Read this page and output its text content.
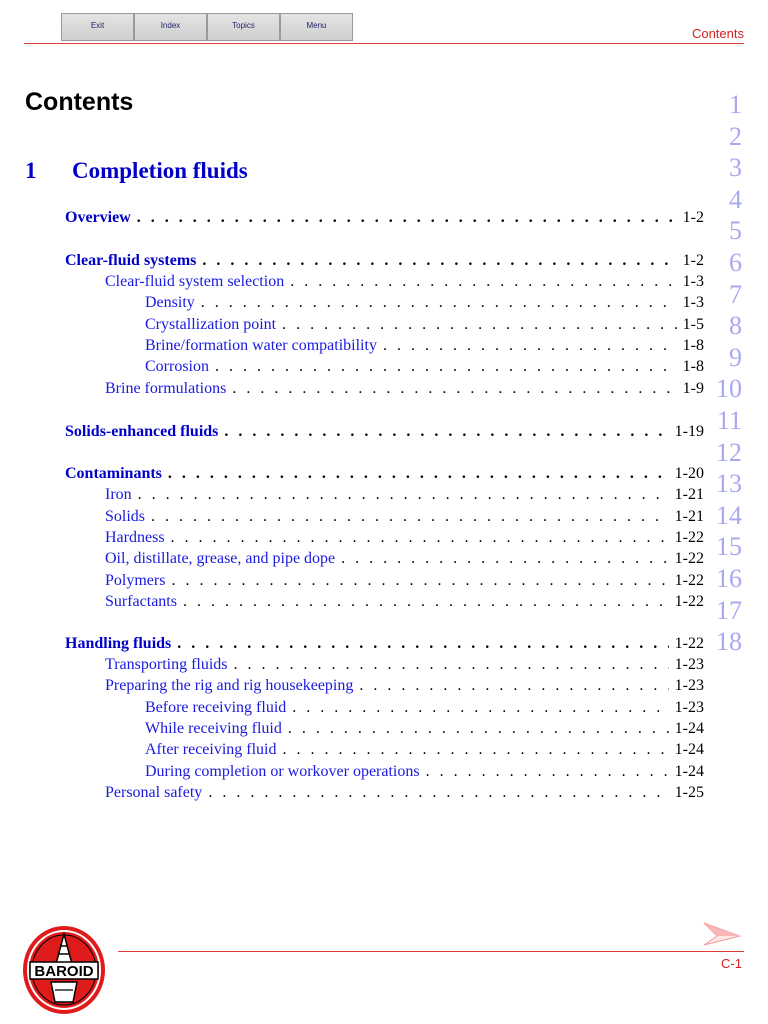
Exit	Index	Topics	Menu
Contents
Contents
1 Completion fluids
Overview . . .	1-2
Clear-fluid systems . . .	1-2
Clear-fluid system selection . . .	1-3
Density . . .	1-3
Crystallization point . . .	1-5
Brine/formation water compatibility . . .	1-8
Corrosion . . .	1-8
Brine formulations . . .	1-9
Solids-enhanced fluids . . .	1-19
Contaminants . . .	1-20
Iron . . .	1-21
Solids . . .	1-21
Hardness . . .	1-22
Oil, distillate, grease, and pipe dope . . .	1-22
Polymers . . .	1-22
Surfactants . . .	1-22
Handling fluids . . .	1-22
Transporting fluids . . .	1-23
Preparing the rig and rig housekeeping . . .	1-23
Before receiving fluid . . .	1-23
While receiving fluid . . .	1-24
After receiving fluid . . .	1-24
During completion or workover operations . . .	1-24
Personal safety . . .	1-25
1
2
3
4
5
6
7
8
9
10
11
12
13
14
15
16
17
18
C-1
BAROID
